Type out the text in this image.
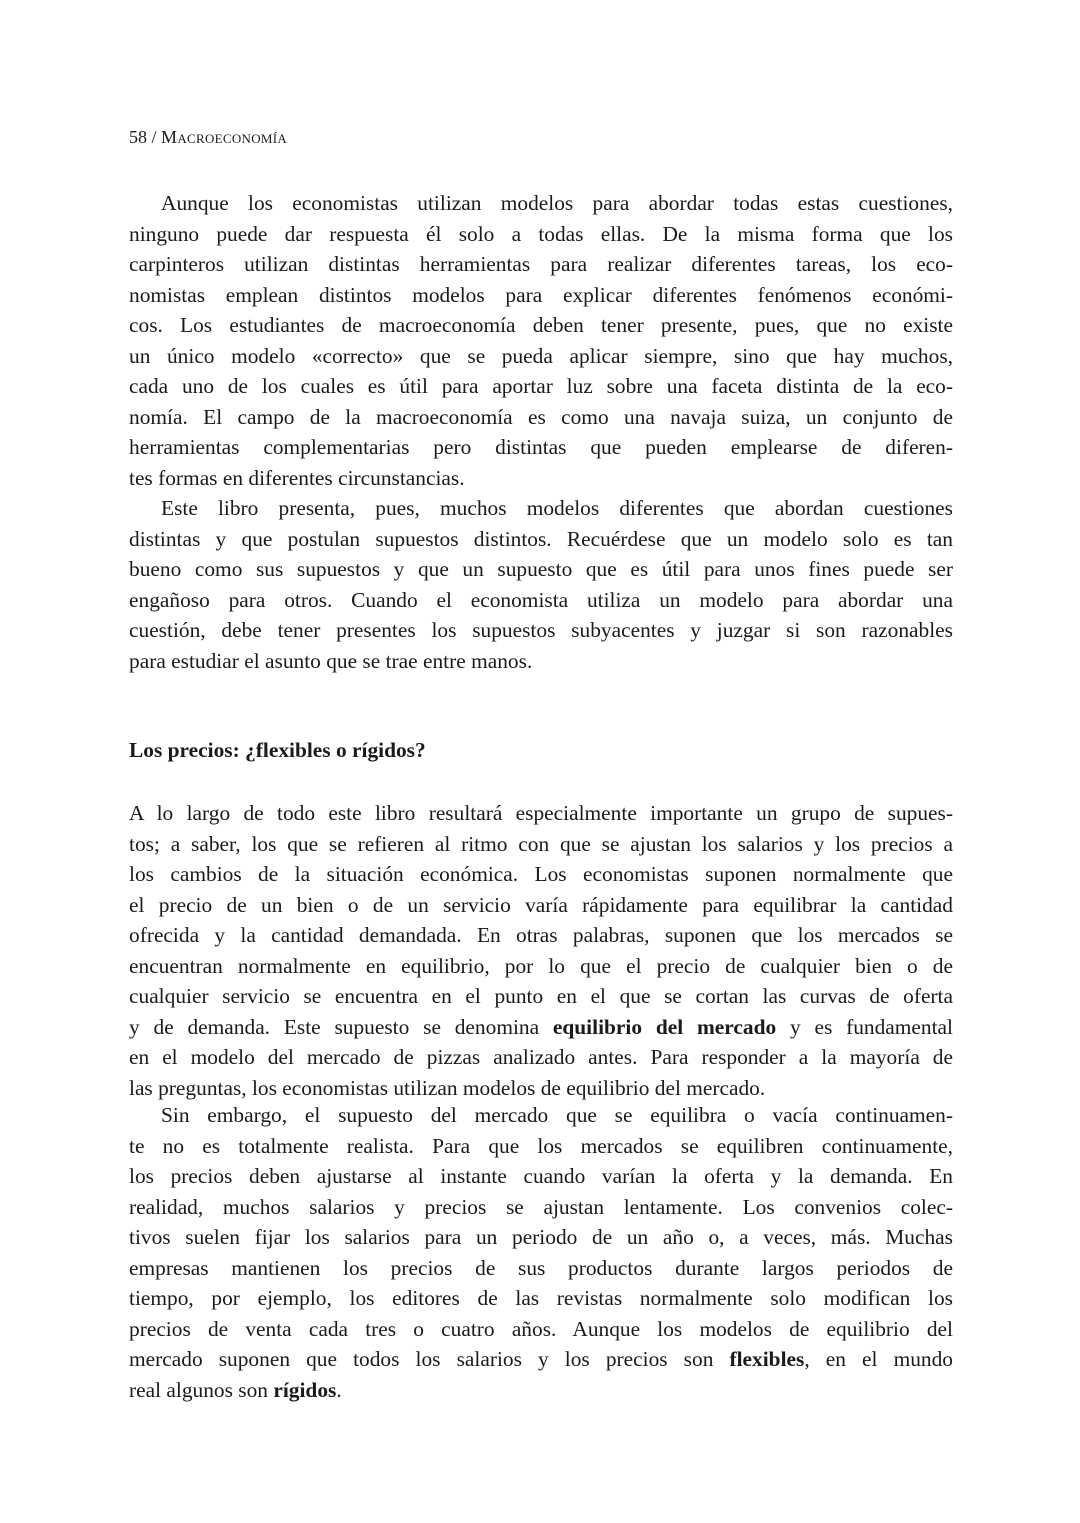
58 / Macroeconomía
Aunque los economistas utilizan modelos para abordar todas estas cuestiones,
ninguno puede dar respuesta él solo a todas ellas. De la misma forma que los
carpinteros utilizan distintas herramientas para realizar diferentes tareas, los eco-
nomistas emplean distintos modelos para explicar diferentes fenómenos económi-
cos. Los estudiantes de macroeconomía deben tener presente, pues, que no existe
un único modelo «correcto» que se pueda aplicar siempre, sino que hay muchos,
cada uno de los cuales es útil para aportar luz sobre una faceta distinta de la eco-
nomía. El campo de la macroeconomía es como una navaja suiza, un conjunto de
herramientas complementarias pero distintas que pueden emplearse de diferen-
tes formas en diferentes circunstancias.
Este libro presenta, pues, muchos modelos diferentes que abordan cuestiones
distintas y que postulan supuestos distintos. Recuérdese que un modelo solo es tan
bueno como sus supuestos y que un supuesto que es útil para unos fines puede ser
engañoso para otros. Cuando el economista utiliza un modelo para abordar una
cuestión, debe tener presentes los supuestos subyacentes y juzgar si son razonables
para estudiar el asunto que se trae entre manos.
Los precios: ¿flexibles o rígidos?
A lo largo de todo este libro resultará especialmente importante un grupo de supues-
tos; a saber, los que se refieren al ritmo con que se ajustan los salarios y los precios a
los cambios de la situación económica. Los economistas suponen normalmente que
el precio de un bien o de un servicio varía rápidamente para equilibrar la cantidad
ofrecida y la cantidad demandada. En otras palabras, suponen que los mercados se
encuentran normalmente en equilibrio, por lo que el precio de cualquier bien o de
cualquier servicio se encuentra en el punto en el que se cortan las curvas de oferta
y de demanda. Este supuesto se denomina equilibrio del mercado y es fundamental
en el modelo del mercado de pizzas analizado antes. Para responder a la mayoría de
las preguntas, los economistas utilizan modelos de equilibrio del mercado.
Sin embargo, el supuesto del mercado que se equilibra o vacía continuamen-
te no es totalmente realista. Para que los mercados se equilibren continuamente,
los precios deben ajustarse al instante cuando varían la oferta y la demanda. En
realidad, muchos salarios y precios se ajustan lentamente. Los convenios colec-
tivos suelen fijar los salarios para un periodo de un año o, a veces, más. Muchas
empresas mantienen los precios de sus productos durante largos periodos de
tiempo, por ejemplo, los editores de las revistas normalmente solo modifican los
precios de venta cada tres o cuatro años. Aunque los modelos de equilibrio del
mercado suponen que todos los salarios y los precios son flexibles, en el mundo
real algunos son rígidos.
